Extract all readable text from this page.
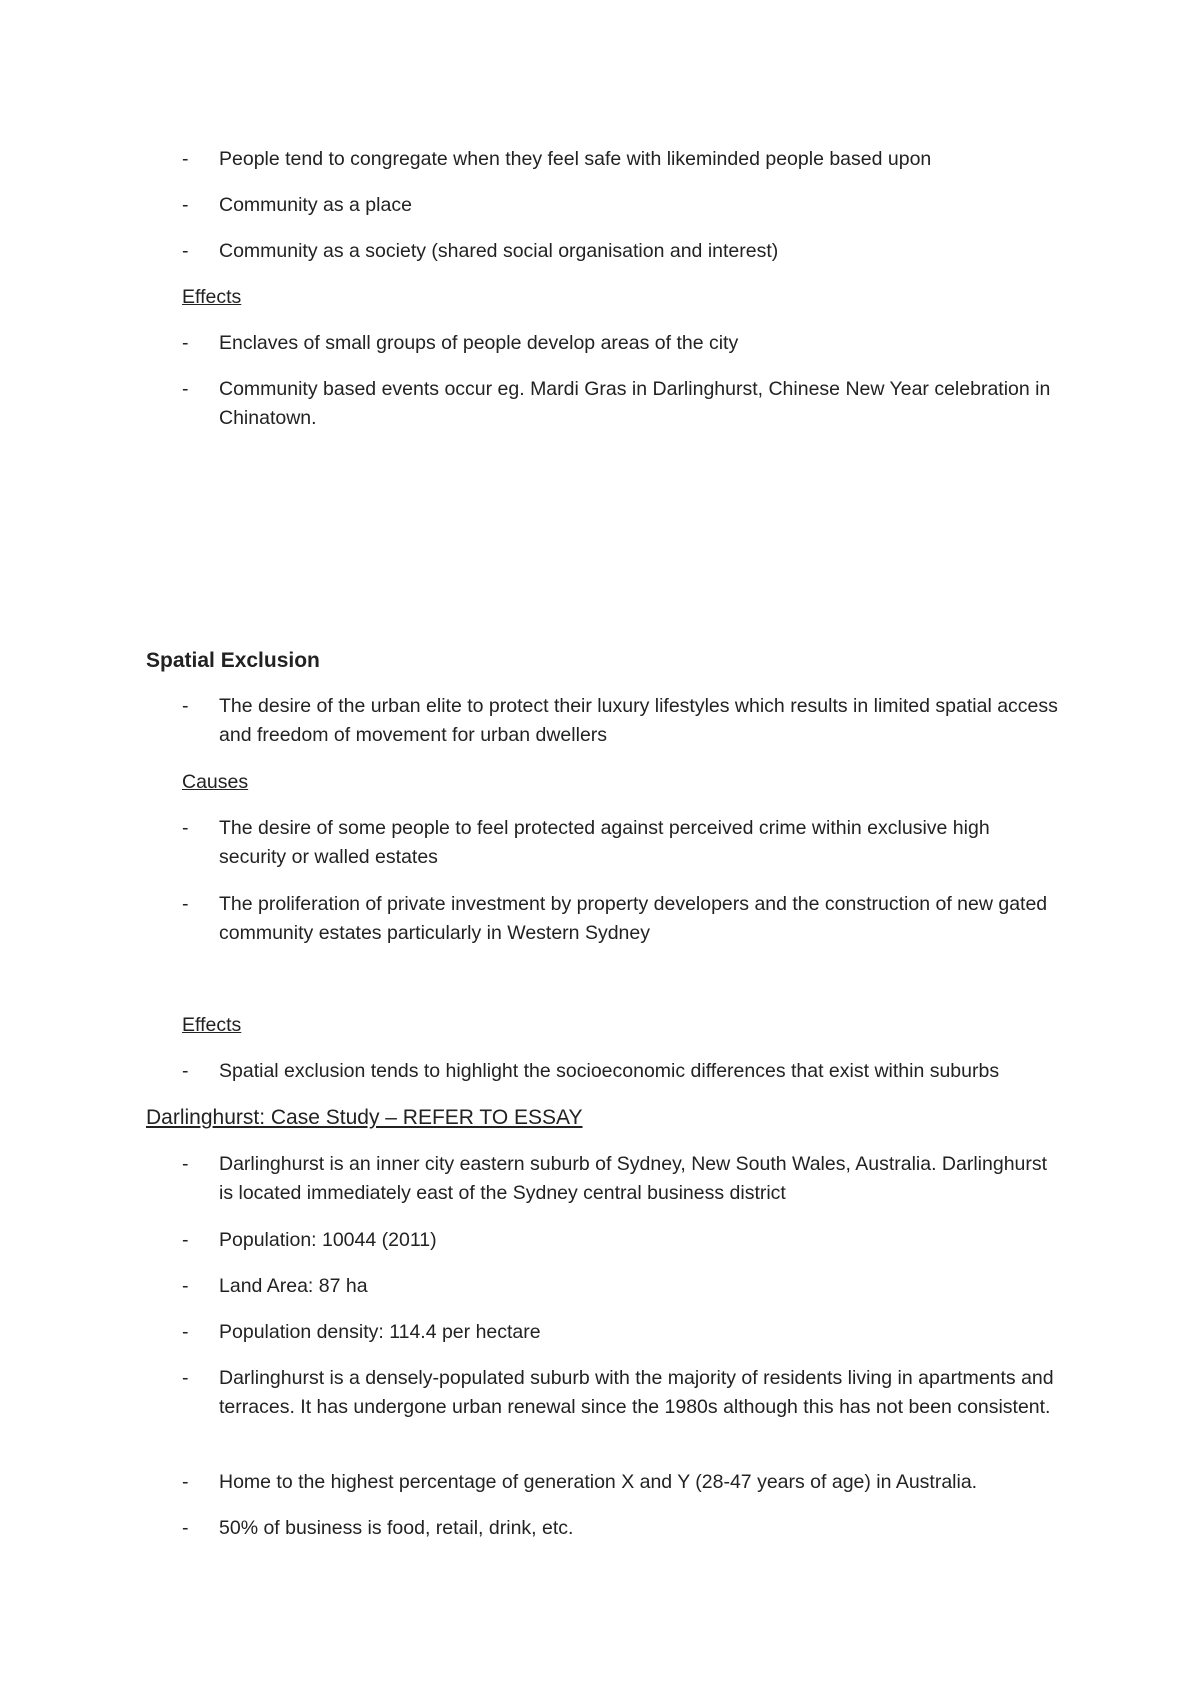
- People tend to congregate when they feel safe with likeminded people based upon
- Community as a place
- Community as a society (shared social organisation and interest)
Effects
- Enclaves of small groups of people develop areas of the city
- Community based events occur eg. Mardi Gras in Darlinghurst, Chinese New Year celebration in Chinatown.
Spatial Exclusion
- The desire of the urban elite to protect their luxury lifestyles which results in limited spatial access and freedom of movement for urban dwellers
Causes
- The desire of some people to feel protected against perceived crime within exclusive high security or walled estates
- The proliferation of private investment by property developers and the construction of new gated community estates particularly in Western Sydney
Effects
- Spatial exclusion tends to highlight the socioeconomic differences that exist within suburbs
Darlinghurst: Case Study – REFER TO ESSAY
- Darlinghurst is an inner city eastern suburb of Sydney, New South Wales, Australia. Darlinghurst is located immediately east of the Sydney central business district
- Population: 10044 (2011)
- Land Area: 87 ha
- Population density: 114.4 per hectare
- Darlinghurst is a densely-populated suburb with the majority of residents living in apartments and terraces. It has undergone urban renewal since the 1980s although this has not been consistent.
- Home to the highest percentage of generation X and Y (28-47 years of age) in Australia.
- 50% of business is food, retail, drink, etc.
